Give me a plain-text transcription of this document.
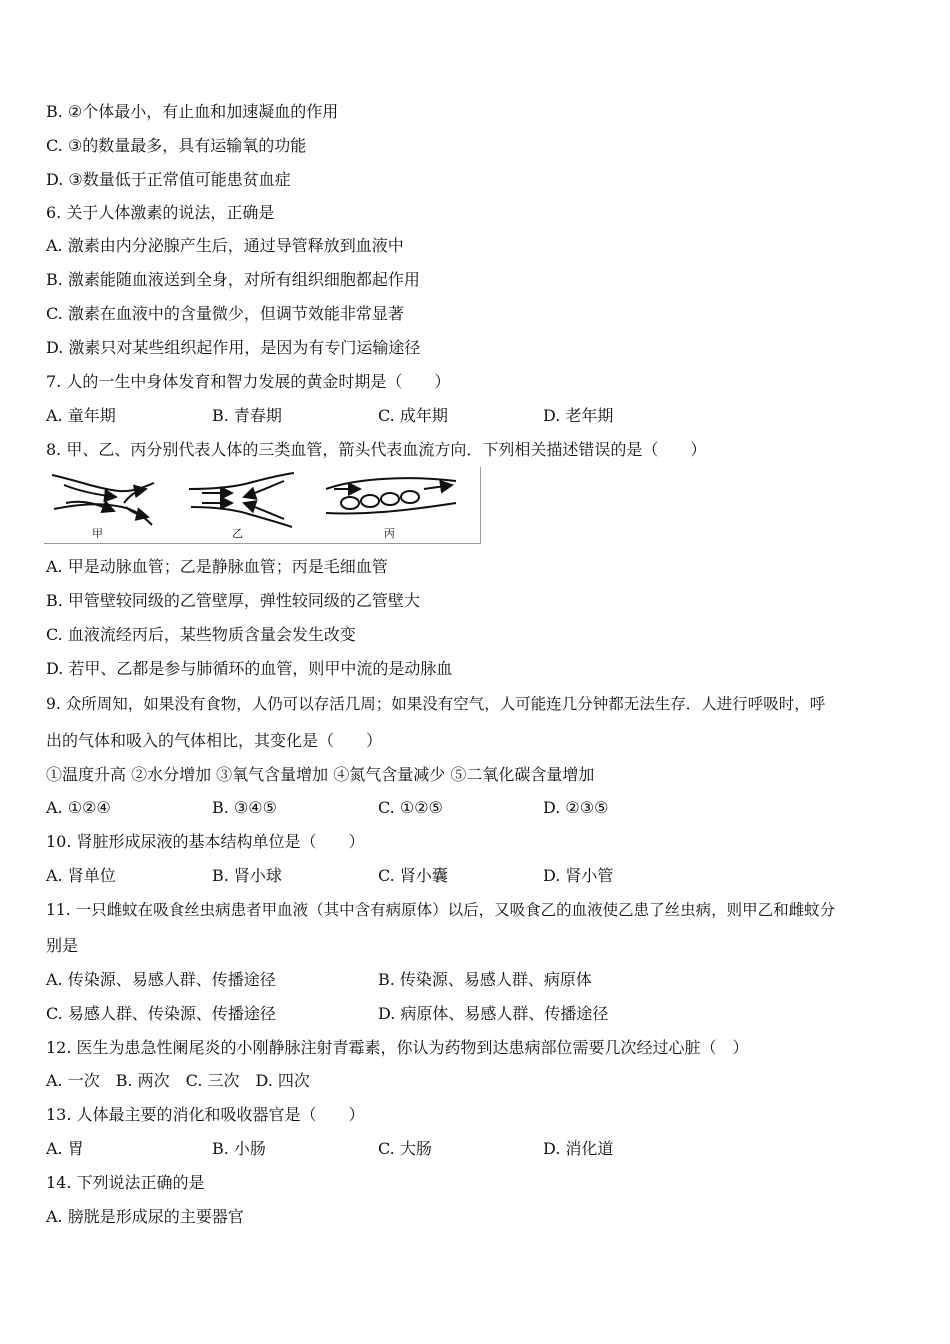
B. ②个体最小，有止血和加速凝血的作用
C. ③的数量最多，具有运输氧的功能
D. ③数量低于正常值可能患贫血症
6. 关于人体激素的说法，正确是
A. 激素由内分泌腺产生后，通过导管释放到血液中
B. 激素能随血液送到全身，对所有组织细胞都起作用
C. 激素在血液中的含量微少，但调节效能非常显著
D. 激素只对某些组织起作用，是因为有专门运输途径
7. 人的一生中身体发育和智力发展的黄金时期是（　　）
A. 童年期	B. 青春期	C. 成年期	D. 老年期
8. 甲、乙、丙分别代表人体的三类血管，箭头代表血流方向．下列相关描述错误的是（　　）
甲	乙	丙
A. 甲是动脉血管；乙是静脉血管；丙是毛细血管
B. 甲管壁较同级的乙管壁厚，弹性较同级的乙管壁大
C. 血液流经丙后，某些物质含量会发生改变
D. 若甲、乙都是参与肺循环的血管，则甲中流的是动脉血
9. 众所周知，如果没有食物，人仍可以存活几周；如果没有空气，人可能连几分钟都无法生存．人进行呼吸时，呼
出的气体和吸入的气体相比，其变化是（　　）
①温度升高 ②水分增加 ③氧气含量增加 ④氮气含量减少 ⑤二氧化碳含量增加
A. ①②④	B. ③④⑤	C. ①②⑤	D. ②③⑤
10. 肾脏形成尿液的基本结构单位是（　　）
A. 肾单位	B. 肾小球	C. 肾小囊	D. 肾小管
11. 一只雌蚊在吸食丝虫病患者甲血液（其中含有病原体）以后，又吸食乙的血液使乙患了丝虫病，则甲乙和雌蚊分
别是
A. 传染源、易感人群、传播途径	B. 传染源、易感人群、病原体
C. 易感人群、传染源、传播途径	D. 病原体、易感人群、传播途径
12. 医生为患急性阑尾炎的小刚静脉注射青霉素，你认为药物到达患病部位需要几次经过心脏（　）
A. 一次　B. 两次　C. 三次　D. 四次
13. 人体最主要的消化和吸收器官是（　　）
A. 胃	B. 小肠	C. 大肠	D. 消化道
14. 下列说法正确的是
A. 膀胱是形成尿的主要器官
